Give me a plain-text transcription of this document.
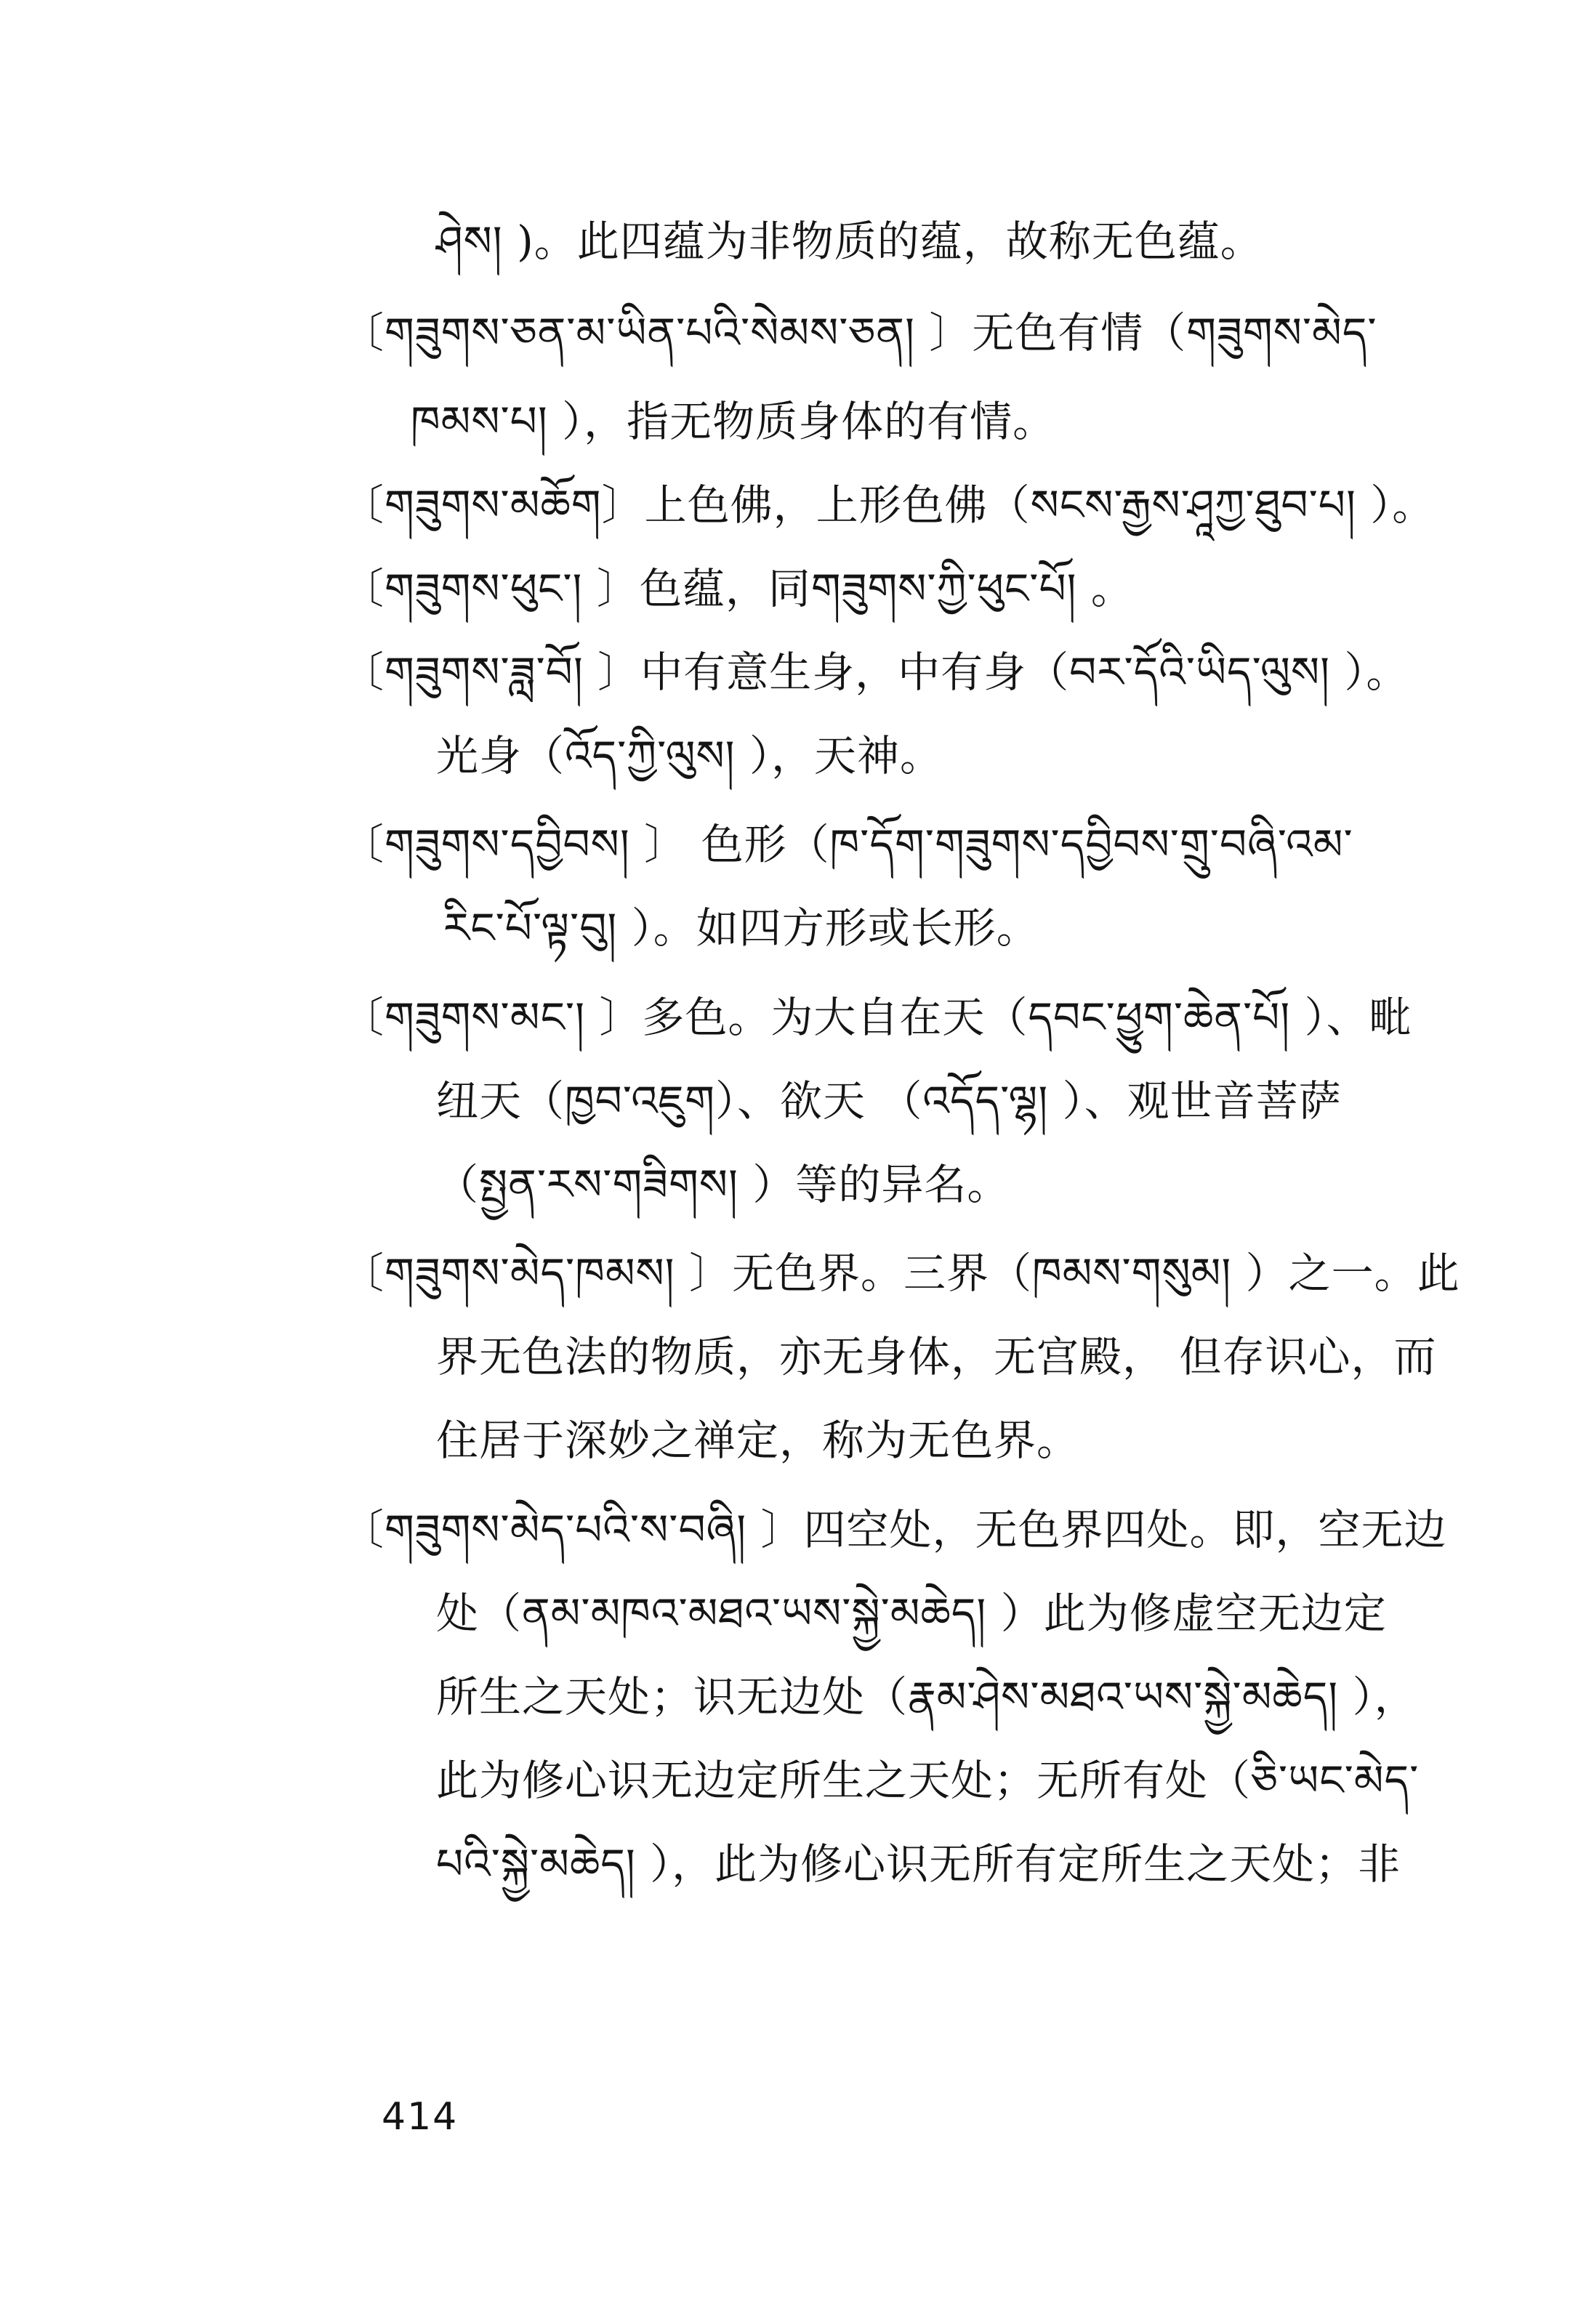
ཤེས། )。此四蕴为非物质的蕴，故称无色蕴。
〔གཟུགས་ཅན་མ་ཡིན་པའི་སེམས་ཅན། 〕无色有情（གཟུགས་མེད་
ཁམས་པ། ），指无物质身体的有情。
〔གཟུགས་མཆོག〕上色佛，上形色佛（སངས་རྒྱས་ཤཱཀྱ་ཐུབ་པ། ）。
〔གཟུགས་ཕུང་། 〕色蕴，同གཟུགས་ཀྱི་ཕུང་པོ། 。
〔གཟུགས་ཟླ་བོ། 〕中有意生身，中有身（བར་དོའི་ཡིད་ལུས། ）。
光身（འོད་ཀྱི་ལུས། ），天神。
〔གཟུགས་དབྱིབས། 〕 色形（ཁ་དོག་གཟུགས་དབྱིབས་གྲུ་བཞི་འམ་
རིང་པོ་ལྟ་བུ། ）。如四方形或长形。
〔གཟུགས་མང་། 〕多色。为大自在天（དབང་ཕྱུག་ཆེན་པོ། ）、毗
纽天（ཁྱབ་འཇུག）、欲天 （འདོད་ལྷ། ）、观世音菩萨
（སྤྱན་རས་གཟིགས། ）等的异名。
〔གཟུགས་མེད་ཁམས། 〕无色界。三界（ཁམས་གསུམ། ）之一。此
界无色法的物质，亦无身体，无宫殿， 但存识心，而
住居于深妙之禅定，称为无色界。
〔གཟུགས་མེད་པའི་ས་བཞི། 〕四空处，无色界四处。即，空无边
处（ནམ་མཁའ་མཐའ་ཡས་སྐྱེ་མཆེད། ）此为修虚空无边定
所生之天处；识无边处（རྣམ་ཤེས་མཐའ་ཡས་སྐྱེ་མཆེད། ），
此为修心识无边定所生之天处；无所有处（ཅི་ཡང་མེད་
པའི་སྐྱེ་མཆེད། ），此为修心识无所有定所生之天处；非
414
